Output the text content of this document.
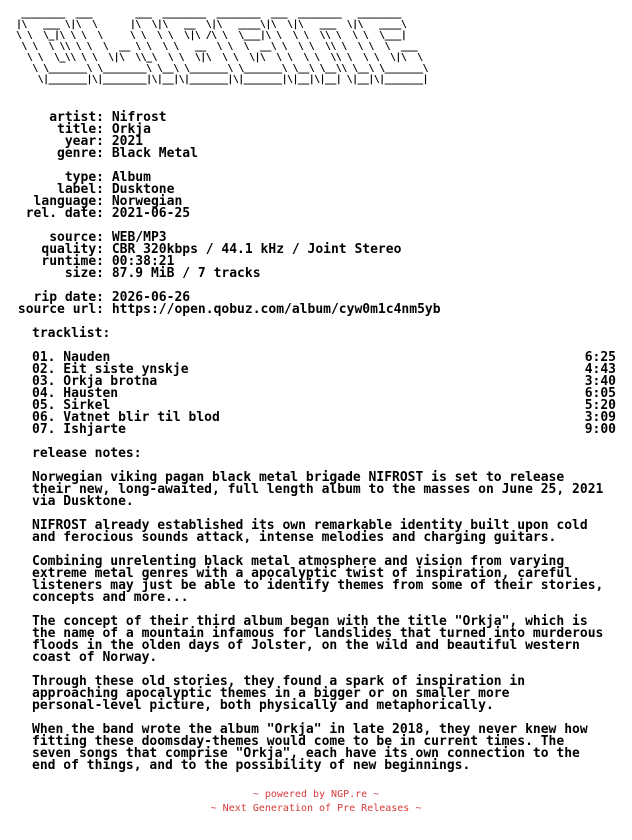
________  ___        ___  ________  ________  ___  ________   ________
|\   ___ \|\  \      |\  \|\   __  \|\   ____\|\  \|\   ___  \|\   ____\
\ \  \_|\ \ \  \     \ \  \ \  \|\ /\ \  \___|\ \  \ \  \\ \  \ \  \___|
\ \  \ \\ \ \  \  __ \ \  \ \   __  \ \  \  __\ \  \ \  \\ \  \ \  \  ___
\ \  \_\\ \ \  \|\  \\_\  \ \  \|\  \ \  \|\  \ \  \ \  \\ \  \ \  \|\  \
\ \_______\ \________\ \__\ \_______\ \_______\ \__\ \__\\ \__\ \_______\
\|_______|\|________|\|__|\|_______|\|_______|\|__|\|__| \|__|\|_______|

artist: Nifrost
title: Orkja
year: 2021
genre: Black Metal

type: Album
label: Dusktone
language: Norwegian
rel. date: 2021-06-25

source: WEB/MP3
quality: CBR 320kbps / 44.1 kHz / Joint Stereo
runtime: 00:38:21
size: 87.9 MiB / 7 tracks

rip date: 2026-06-26
source url: https://open.qobuz.com/album/cyw0m1c4nm5yb

tracklist:

01. Nauden	6:25
02. Eit siste ynskje	4:43
03. Orkja brotna	3:40
04. Hausten	6:05
05. Sirkel	5:20
06. Vatnet blir til blod	3:09
07. Ishjarte	9:00

release notes:

Norwegian viking pagan black metal brigade NIFROST is set to release
their new, long-awaited, full length album to the masses on June 25, 2021
via Dusktone.
NIFROST already established its own remarkable identity built upon cold
and ferocious sounds attack, intense melodies and charging guitars.
Combining unrelenting black metal atmosphere and vision from varying
extreme metal genres with a apocalyptic twist of inspiration, careful
listeners may just be able to identify themes from some of their stories,
concepts and more...
The concept of their third album began with the title "Orkja", which is
the name of a mountain infamous for landslides that turned into murderous
floods in the olden days of Jolster, on the wild and beautiful western
coast of Norway.
Through these old stories, they found a spark of inspiration in
approaching apocalyptic themes in a bigger or on smaller more
personal-level picture, both physically and metaphorically.
When the band wrote the album "Orkja" in late 2018, they never knew how
fitting these doomsday-themes would come to be in current times. The
seven songs that comprise "Orkja", each have its own connection to the
end of things, and to the possibility of new beginnings.
~ powered by NGP.re ~
~ Next Generation of Pre Releases ~
